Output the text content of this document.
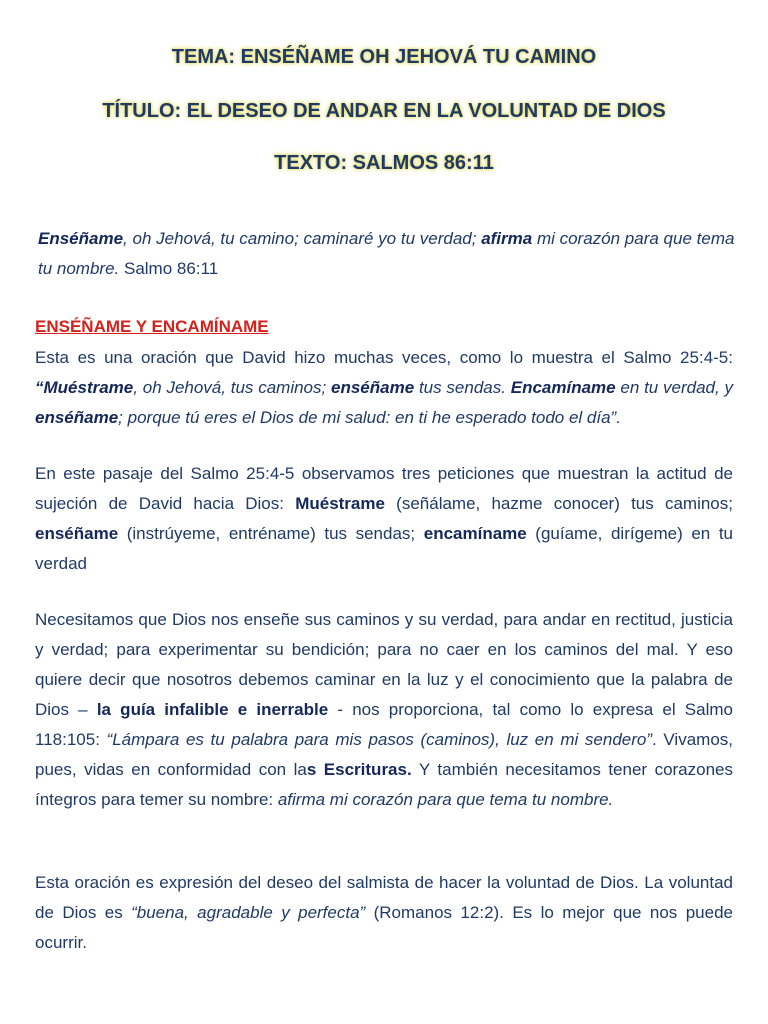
TEMA: ENSÉÑAME OH JEHOVÁ TU CAMINO
TÍTULO: EL DESEO DE ANDAR EN LA VOLUNTAD DE DIOS
TEXTO: SALMOS 86:11
Enséñame, oh Jehová, tu camino; caminaré yo tu verdad; afirma mi corazón para que tema tu nombre. Salmo 86:11
ENSÉÑAME Y ENCAMÍNAME
Esta es una oración que David hizo muchas veces, como lo muestra el Salmo 25:4-5: “Muéstrame, oh Jehová, tus caminos; enséñame tus sendas. Encamíname en tu verdad, y enséñame; porque tú eres el Dios de mi salud: en ti he esperado todo el día”.
En este pasaje del Salmo 25:4-5 observamos tres peticiones que muestran la actitud de sujeción de David hacia Dios: Muéstrame (señálame, hazme conocer) tus caminos; enséñame (instrúyeme, entréname) tus sendas; encamíname (guíame, dirígeme) en tu verdad
Necesitamos que Dios nos enseñe sus caminos y su verdad, para andar en rectitud, justicia y verdad; para experimentar su bendición; para no caer en los caminos del mal. Y eso quiere decir que nosotros debemos caminar en la luz y el conocimiento que la palabra de Dios – la guía infalible e inerrable - nos proporciona, tal como lo expresa el Salmo 118:105: “Lámpara es tu palabra para mis pasos (caminos), luz en mi sendero”. Vivamos, pues, vidas en conformidad con las Escrituras. Y también necesitamos tener corazones íntegros para temer su nombre: afirma mi corazón para que tema tu nombre.
Esta oración es expresión del deseo del salmista de hacer la voluntad de Dios. La voluntad de Dios es “buena, agradable y perfecta” (Romanos 12:2). Es lo mejor que nos puede ocurrir.
